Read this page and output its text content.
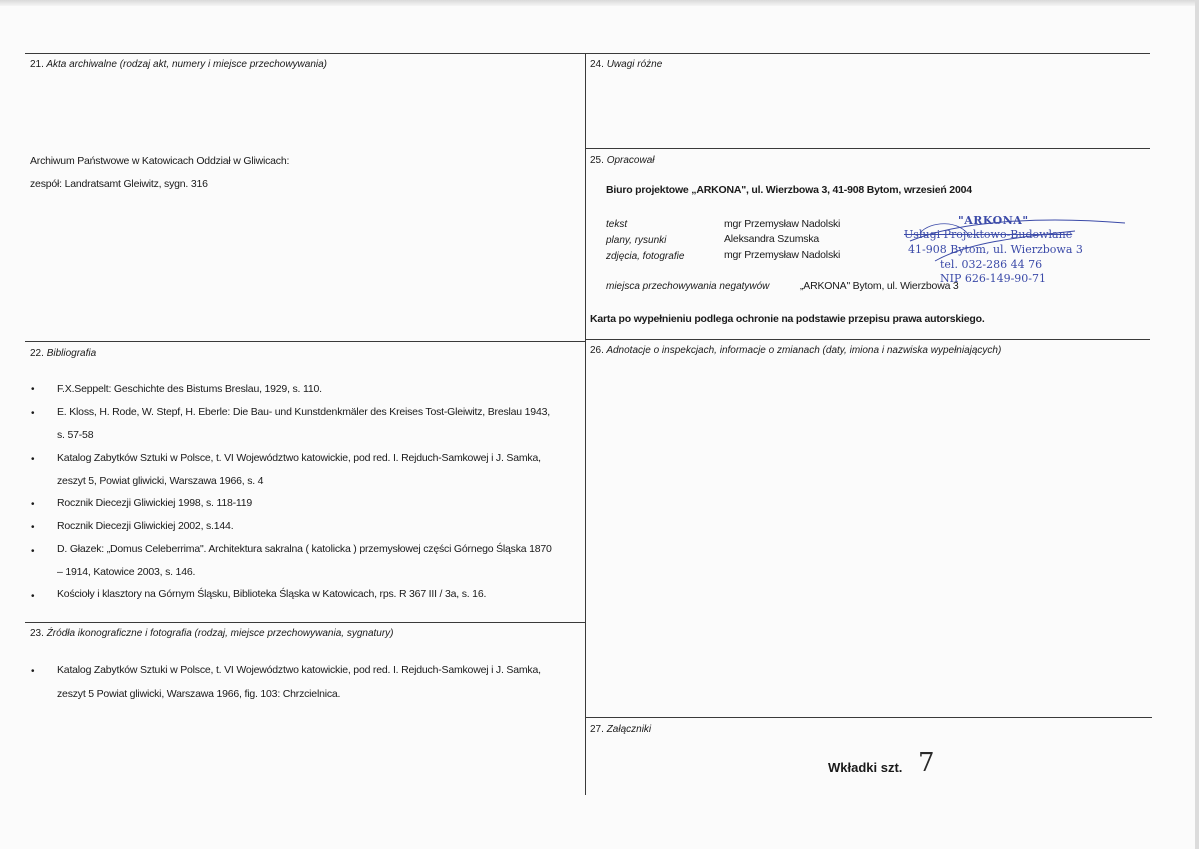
21. Akta archiwalne (rodzaj akt, numery i miejsce przechowywania)
Archiwum Państwowe w Katowicach Oddział w Gliwicach:
zespół: Landratsamt Gleiwitz, sygn. 316
24. Uwagi różne
25. Opracował
Biuro projektowe „ARKONA", ul. Wierzbowa 3, 41-908 Bytom, wrzesień 2004
tekst	mgr Przemysław Nadolski
plany, rysunki	Aleksandra Szumska
zdjęcia, fotografie	mgr Przemysław Nadolski
miejsca przechowywania negatywów	„ARKONA" Bytom, ul. Wierzbowa 3
Karta po wypełnieniu podlega ochronie na podstawie przepisu prawa autorskiego.
"ARKONA"
Usługi Projektowo-Budowlane
41-908 Bytom, ul. Wierzbowa 3
tel. 032-286 44 76
NIP 626-149-90-71
22. Bibliografia
• F.X.Seppelt: Geschichte des Bistums Breslau, 1929, s. 110.
• E. Kloss, H. Rode, W. Stepf, H. Eberle: Die Bau- und Kunstdenkmäler des Kreises Tost-Gleiwitz, Breslau 1943,
s. 57-58
• Katalog Zabytków Sztuki w Polsce, t. VI Województwo katowickie, pod red. I. Rejduch-Samkowej i J. Samka,
zeszyt 5, Powiat gliwicki, Warszawa 1966, s. 4
• Rocznik Diecezji Gliwickiej 1998, s. 118-119
• Rocznik Diecezji Gliwickiej 2002, s.144.
• D. Głazek: „Domus Celeberrima". Architektura sakralna ( katolicka ) przemysłowej części Górnego Śląska 1870
– 1914, Katowice 2003, s. 146.
• Kościoły i klasztory na Górnym Śląsku, Biblioteka Śląska w Katowicach, rps. R 367 III / 3a, s. 16.
23. Źródła ikonograficzne i fotografia (rodzaj, miejsce przechowywania, sygnatury)
• Katalog Zabytków Sztuki w Polsce, t. VI Województwo katowickie, pod red. I. Rejduch-Samkowej i J. Samka,
zeszyt 5 Powiat gliwicki, Warszawa 1966, fig. 103: Chrzcielnica.
26. Adnotacje o inspekcjach, informacje o zmianach (daty, imiona i nazwiska wypełniających)
27. Załączniki
Wkładki szt. 7
